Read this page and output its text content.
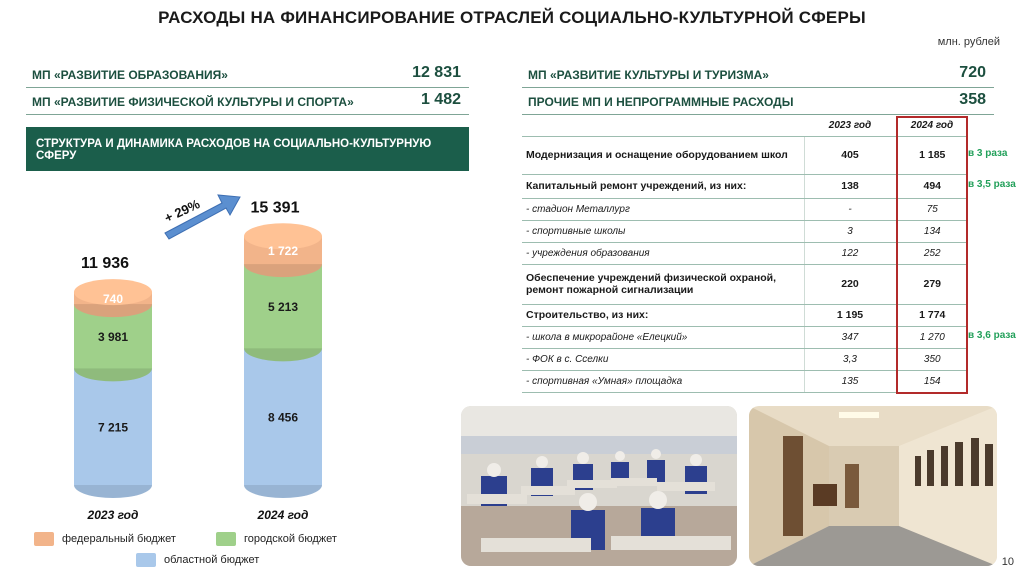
РАСХОДЫ НА ФИНАНСИРОВАНИЕ ОТРАСЛЕЙ СОЦИАЛЬНО-КУЛЬТУРНОЙ СФЕРЫ
млн. рублей
МП «РАЗВИТИЕ ОБРАЗОВАНИЯ»	12 831
МП «РАЗВИТИЕ ФИЗИЧЕСКОЙ КУЛЬТУРЫ И СПОРТА»	1 482
МП «РАЗВИТИЕ КУЛЬТУРЫ И ТУРИЗМА»	720
ПРОЧИЕ МП И НЕПРОГРАММНЫЕ РАСХОДЫ	358
СТРУКТУРА И ДИНАМИКА РАСХОДОВ НА СОЦИАЛЬНО-КУЛЬТУРНУЮ СФЕРУ
7 215
3 981
740
11 936
2023 год
8 456
5 213
1 722
15 391
2024 год
+ 29%
федеральный бюджет	городской бюджет
областной бюджет
	2023 год	2024 год
Модернизация и оснащение оборудованием школ	405	1 185
Капитальный ремонт учреждений, из них:	138	494
- стадион Металлург	-	75
- спортивные школы	3	134
- учреждения образования	122	252
Обеспечение учреждений физической охраной, ремонт пожарной сигнализации	220	279
Строительство, из них:	1 195	1 774
- школа в микрорайоне «Елецкий»	347	1 270
- ФОК в с. Сселки	3,3	350
- спортивная «Умная» площадка	135	154
в 3 раза
в 3,5 раза
в 3,6 раза
10
